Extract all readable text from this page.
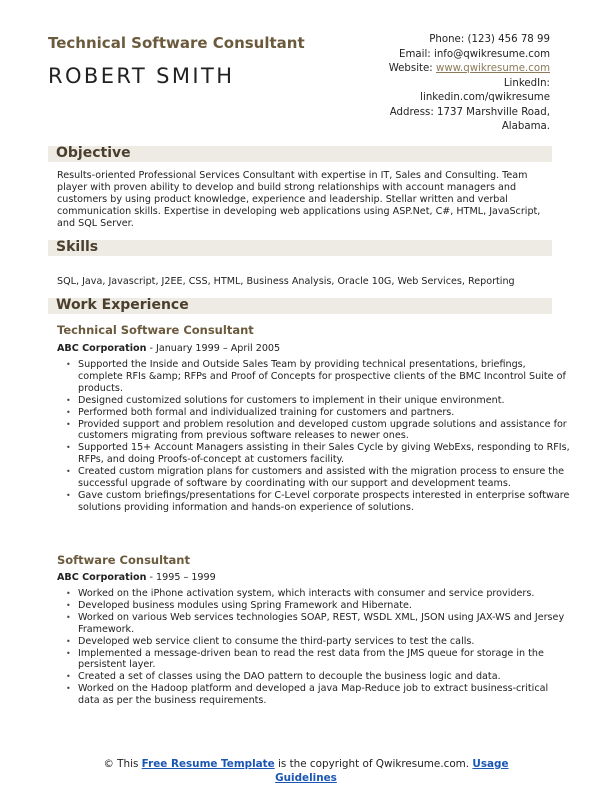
Technical Software Consultant
ROBERT SMITH
Phone: (123) 456 78 99
Email: info@qwikresume.com
Website: www.qwikresume.com
LinkedIn:
linkedin.com/qwikresume
Address: 1737 Marshville Road,
Alabama.
Objective
Results-oriented Professional Services Consultant with expertise in IT, Sales and Consulting. Team player with proven ability to develop and build strong relationships with account managers and customers by using product knowledge, experience and leadership. Stellar written and verbal communication skills. Expertise in developing web applications using ASP.Net, C#, HTML, JavaScript, and SQL Server.
Skills
SQL, Java, Javascript, J2EE, CSS, HTML, Business Analysis, Oracle 10G, Web Services, Reporting
Work Experience
Technical Software Consultant
ABC Corporation - January 1999 – April 2005
• Supported the Inside and Outside Sales Team by providing technical presentations, briefings, complete RFIs &amp; RFPs and Proof of Concepts for prospective clients of the BMC Incontrol Suite of products.
• Designed customized solutions for customers to implement in their unique environment.
• Performed both formal and individualized training for customers and partners.
• Provided support and problem resolution and developed custom upgrade solutions and assistance for customers migrating from previous software releases to newer ones.
• Supported 15+ Account Managers assisting in their Sales Cycle by giving WebExs, responding to RFIs, RFPs, and doing Proofs-of-concept at customers facility.
• Created custom migration plans for customers and assisted with the migration process to ensure the successful upgrade of software by coordinating with our support and development teams.
• Gave custom briefings/presentations for C-Level corporate prospects interested in enterprise software solutions providing information and hands-on experience of solutions.
Software Consultant
ABC Corporation - 1995 – 1999
• Worked on the iPhone activation system, which interacts with consumer and service providers.
• Developed business modules using Spring Framework and Hibernate.
• Worked on various Web services technologies SOAP, REST, WSDL XML, JSON using JAX-WS and Jersey Framework.
• Developed web service client to consume the third-party services to test the calls.
• Implemented a message-driven bean to read the rest data from the JMS queue for storage in the persistent layer.
• Created a set of classes using the DAO pattern to decouple the business logic and data.
• Worked on the Hadoop platform and developed a java Map-Reduce job to extract business-critical data as per the business requirements.
© This Free Resume Template is the copyright of Qwikresume.com. Usage
Guidelines
